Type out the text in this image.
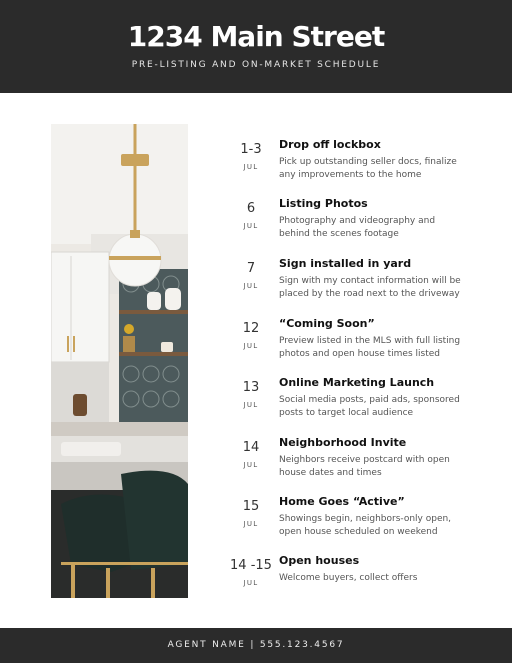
1234 Main Street
PRE-LISTING AND ON-MARKET SCHEDULE
1-3
JUL
Drop off lockbox
Pick up outstanding seller docs, finalize
any improvements to the home
6
JUL
Listing Photos
Photography and videography and
behind the scenes footage
7
JUL
Sign installed in yard
Sign with my contact information will be
placed by the road next to the driveway
12
JUL
“Coming Soon”
Preview listed in the MLS with full listing
photos and open house times listed
13
JUL
Online Marketing Launch
Social media posts, paid ads, sponsored
posts to target local audience
14
JUL
Neighborhood Invite
Neighbors receive postcard with open
house dates and times
15
JUL
Home Goes “Active”
Showings begin, neighbors-only open,
open house scheduled on weekend
14 -15
JUL
Open houses
Welcome buyers, collect offers
AGENT NAME | 555.123.4567
